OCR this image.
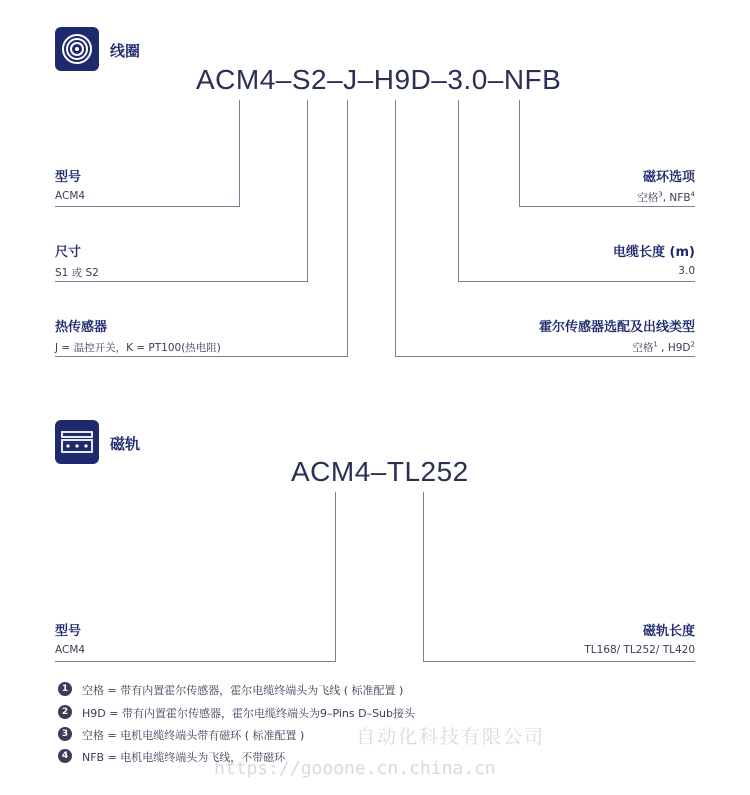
线圈
ACM4–S2–J–H9D–3.0–NFB
型号
ACM4
尺寸
S1 或 S2
热传感器
J = 温控开关，K = PT100(热电阻)
磁环选项
空格$^3$, NFB$^4$
电缆长度 (m)
3.0
霍尔传感器选配及出线类型
空格$^1$ , $H9D^2$
磁轨
ACM4–TL252
型号
ACM4
磁轨长度
TL168/ TL252/ TL420
1	空格 = 带有内置霍尔传感器，霍尔电缆终端头为飞线 ( 标准配置 )
2	H9D = 带有内置霍尔传感器，霍尔电缆终端头为9–Pins D–Sub接头
3	空格 = 电机电缆终端头带有磁环 ( 标准配置 )
4	NFB = 电机电缆终端头为飞线，不带磁环
自动化科技有限公司
https://gooone.cn.china.cn
